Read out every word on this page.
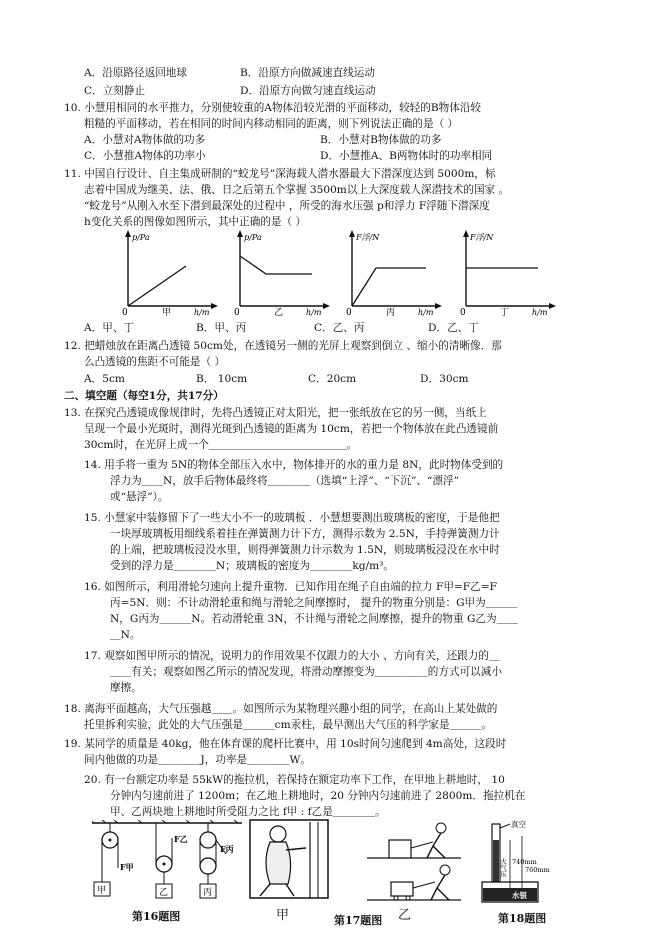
A．沿原路径返回地球	B．沿原方向做减速直线运动
C．立刻静止	D．沿原方向做匀速直线运动
10. 小慧用相同的水平推力，分别使较重的A物体沿较光滑的平面移动，较轻的B物体沿较
粗糙的平面移动，若在相同的时间内移动相同的距离，则下列说法正确的是（ ）
A．小慧对A物体做的功多	B．小慧对B物体做的功多
C．小慧推A物体的功率小	D．小慧推A、B两物体时的功率相同
11. 中国自行设计、自主集成研制的“蛟龙号”深海载人潜水器最大下潜深度达到 5000m，标
志着中国成为继美、法、俄、日之后第五个掌握 3500m以上大深度载人深潜技术的国家 。
“蛟龙号”从刚入水至下潜到最深处的过程中 ，所受的海水压强 p和浮力 F浮随下潜深度
h变化关系的图像如图所示，其中正确的是（ ）
p/Pa
h/m
0	甲
p/Pa
h/m
0	乙
F浮/N
h/m
0	丙
F浮/N
h/m
0	丁
A．甲、丁	B．甲、丙	C．乙、丙	D．乙、丁
12. 把蜡烛放在距离凸透镜 50cm处，在透镜另一侧的光屏上观察到倒立 、缩小的清晰像．那
么凸透镜的焦距不可能是（ ）
A．5cm	B． 10cm	C．20cm	D．30cm
二、填空题（每空1分，共17分）
13. 在探究凸透镜成像规律时，先将凸透镜正对太阳光，把一张纸放在它的另一侧，当纸上
呈现一个最小光斑时，测得光斑到凸透镜的距离为 10cm，若把一个物体放在此凸透镜前
30cm时，在光屏上成一个＿＿＿＿＿＿＿＿＿＿＿＿＿。
14. 用手将一重为 5N的物体全部压入水中，物体排开的水的重力是 8N，此时物体受到的
浮力为＿＿N，放手后物体最终将＿＿＿＿（选填“上浮”、“下沉”、“漂浮”
或“悬浮”）。
15. 小慧家中装修留下了一些大小不一的玻璃板 ．小慧想要测出玻璃板的密度，于是他把
一块厚玻璃板用细线系着挂在弹簧测力计下方，测得示数为 2.5N，手持弹簧测力计
的上端，把玻璃板浸没水里，则得弹簧测力计示数为 1.5N，则玻璃板浸没在水中时
受到的浮力是＿＿＿＿N；玻璃板的密度为＿＿＿＿kg/m³。
16. 如图所示，利用滑轮匀速向上提升重物．已知作用在绳子自由端的拉力 F甲=F乙=F
丙=5N．则：不计动滑轮重和绳与滑轮之间摩擦时， 提升的物重分别是：G甲为＿＿＿
N，G丙为＿＿＿N。若动滑轮重 3N，不计绳与滑轮之间摩擦，提升的物重 G乙为＿＿
＿N。
17. 观察如图甲所示的情况，说明力的作用效果不仅跟力的大小 、方向有关，还跟力的＿
＿＿有关；观察如图乙所示的情况发现，将滑动摩擦变为＿＿＿＿＿的方式可以减小
摩擦。
18. 离海平面越高，大气压强越＿＿。如图所示为某物理兴趣小组的同学，在高山上某处做的
托里拆利实验，此处的大气压强是＿＿＿cm汞柱，最早测出大气压的科学家是＿＿＿。
19. 某同学的质量是 40kg，他在体育课的爬杆比赛中，用 10s时间匀速爬到 4m高处，这段时
间内他做的功是＿＿＿＿J，功率是＿＿＿＿W。
20. 有一台额定功率是 55kW的拖拉机，若保持在额定功率下工作，在甲地上耕地时， 10
分钟内匀速前进了 1200m；在乙地上耕地时，20 分钟内匀速前进了 2800m．拖拉机在
甲、乙两块地上耕地时所受阻力之比 f甲 : f乙是＿＿＿＿。
甲
F甲
乙
F乙
丙
F丙
真空
大气压 740mm
760mm
水银
第16题图	甲	第17题图 乙	第18题图
